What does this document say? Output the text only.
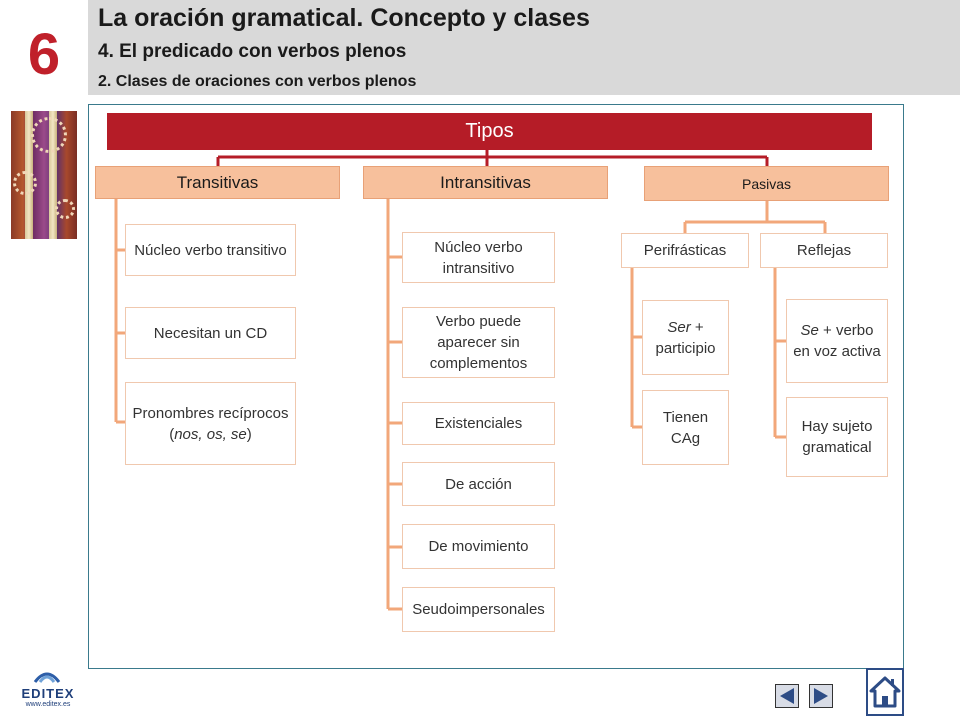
6
La oración gramatical. Concepto y clases
4. El predicado con verbos plenos
2. Clases de oraciones con verbos plenos
Tipos
Transitivas	Intransitivas	Pasivas
Núcleo verbo transitivo
Necesitan un CD
Pronombres recíprocos (nos, os, se)
Núcleo verbo intransitivo
Verbo puede aparecer sin complementos
Existenciales
De acción
De movimiento
Seudoimpersonales
Perifrásticas	Reflejas
Ser + participio
Tienen CAg
Se + verbo en voz activa
Hay sujeto gramatical
EDITEX
www.editex.es
